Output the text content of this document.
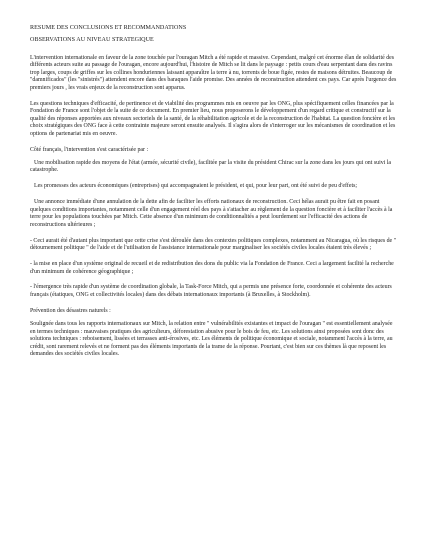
RESUME DES CONCLUSIONS ET RECOMMANDATIONS

OBSERVATIONS AU NIVEAU STRATEGIQUE

L'intervention internationale en faveur de la zone touchée par l'ouragan Mitch a été rapide et massive. Cependant, malgré cet énorme élan de solidarité des différents acteurs suite au passage de l'ouragan, encore aujourd'hui, l'histoire de Mitch se lit dans le paysage : petits cours d'eau serpentant dans des ravins trop larges, coups de griffes sur les collines honduriennes laissant apparaître la terre à nu, torrents de boue figée, restes de maisons détruites. Beaucoup de "damnificados" (les "sinistrés") attendent encore dans des baraques l'aide promise. Des années de reconstruction attendent ces pays. Car après l'urgence des premiers jours , les vrais enjeux de la reconstruction sont apparus.

Les questions techniques d'efficacité, de pertinence et de viabilité des programmes mis en oeuvre par les ONG, plus spécifiquement celles financées par la Fondation de France sont l'objet de la suite de ce document. En premier lieu, nous proposerons le développement d'un regard critique et constructif sur la qualité des réponses apportées aux niveaux sectoriels de la santé, de la réhabilitation agricole et de la reconstruction de l'habitat. La question foncière et les choix stratégiques des ONG face à cette contrainte majeure seront ensuite analysés. Il s'agira alors de s'interroger sur les mécanismes de coordination et les options de partenariat mis en oeuvre.

Côté français, l'intervention s'est caractérisée par :

Une mobilisation rapide des moyens de l'état (armée, sécurité civile), facilitée par la visite du président Chirac sur la zone dans les jours qui ont suivi la catastrophe.

Les promesses des acteurs économiques (entreprises) qui accompagnaient le président, et qui, pour leur part, ont été suivi de peu d'effets;

Une annonce immédiate d'une annulation de la dette afin de faciliter les efforts nationaux de reconstruction. Ceci hélas aurait pu être fait en posant quelques conditions importantes, notamment celle d'un engagement réel des pays à s'attacher au règlement de la question foncière et à faciliter l'accès à la terre pour les populations touchées par Mitch. Cette absence d'un minimum de conditionnalités a peut lourdement sur l'efficacité des actions de reconstructions ultérieures ;

- Ceci aurait été d'autant plus important que cette crise s'est déroulée dans des contextes politiques complexes, notamment au Nicaragua, où les risques de " détournement politique " de l'aide et de l'utilisation de l'assistance internationale pour marginaliser les sociétés civiles locales étaient très élevés ;

- la mise en place d'un système original de recueil et de redistribution des dons du public via la Fondation de France. Ceci a largement facilité la recherche d'un minimum de cohérence géographique ;

- l'émergence très rapide d'un système de coordination globale, la Task-Force Mitch, qui a permis une présence forte, coordonnée et cohérente des acteurs français (étatiques, ONG et collectivités locales) dans des débats internationaux importants (à Bruxelles, à Stockholm).

Prévention des désastres naturels :

Soulignée dans tous les rapports internationaux sur Mitch, la relation entre " vulnérabilités existantes et impact de l'ouragan " est essentiellement analysée en termes techniques : mauvaises pratiques des agriculteurs, déforestation abusive pour le bois de feu, etc. Les solutions ainsi proposées sont donc des solutions techniques : reboisement, lissées et terrasses anti-érosives, etc. Les éléments de politique économique et sociale, notamment l'accès à la terre, au crédit, sont rarement relevés et ne forment pas des éléments importants de la trame de la réponse. Pourtant, c'est bien sur ces thèmes là que reposent les demandes des sociétés civiles locales.
